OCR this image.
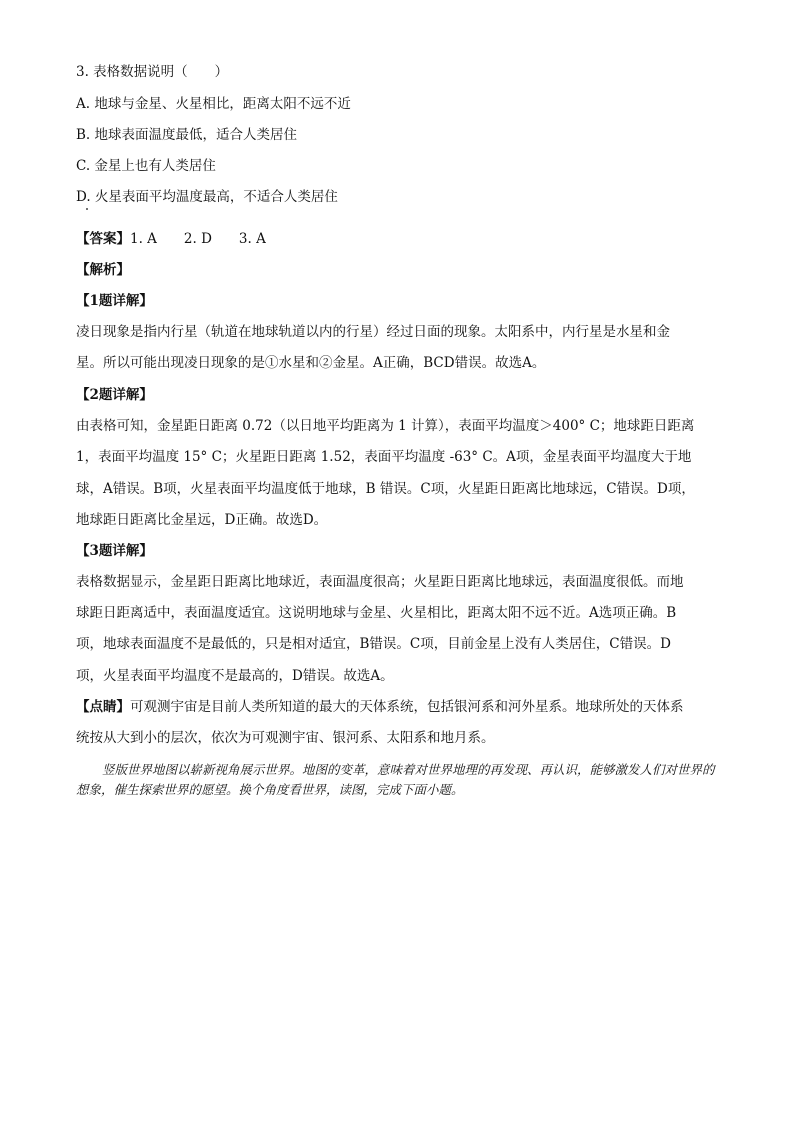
3. 表格数据说明（　　）
A. 地球与金星、火星相比，距离太阳不远不近
B. 地球表面温度最低，适合人类居住
C. 金星上也有人类居住
D. 火星表面平均温度最高，不适合人类居住
【答案】1. A　　2. D　　3. A
【解析】
【1题详解】
凌日现象是指内行星（轨道在地球轨道以内的行星）经过日面的现象。太阳系中，内行星是水星和金
星。所以可能出现凌日现象的是①水星和②金星。A正确，BCD错误。故选A。
【2题详解】
由表格可知，金星距日距离 0.72（以日地平均距离为 1 计算），表面平均温度＞400° C；地球距日距离
1，表面平均温度 15° C；火星距日距离 1.52，表面平均温度 -63° C。A项，金星表面平均温度大于地
球，A错误。B项，火星表面平均温度低于地球，B 错误。C项，火星距日距离比地球远，C错误。D项，
地球距日距离比金星远，D正确。故选D。
【3题详解】
表格数据显示，金星距日距离比地球近，表面温度很高；火星距日距离比地球远，表面温度很低。而地
球距日距离适中，表面温度适宜。这说明地球与金星、火星相比，距离太阳不远不近。A选项正确。B
项，地球表面温度不是最低的，只是相对适宜，B错误。C项，目前金星上没有人类居住，C错误。D
项，火星表面平均温度不是最高的，D错误。故选A。
【点睛】可观测宇宙是目前人类所知道的最大的天体系统，包括银河系和河外星系。地球所处的天体系
统按从大到小的层次，依次为可观测宇宙、银河系、太阳系和地月系。
竖版世界地图以崭新视角展示世界。地图的变革，意味着对世界地理的再发现、再认识，能够激发人们对世界的想象，催生探索世界的愿望。换个角度看世界，读图，完成下面小题。
